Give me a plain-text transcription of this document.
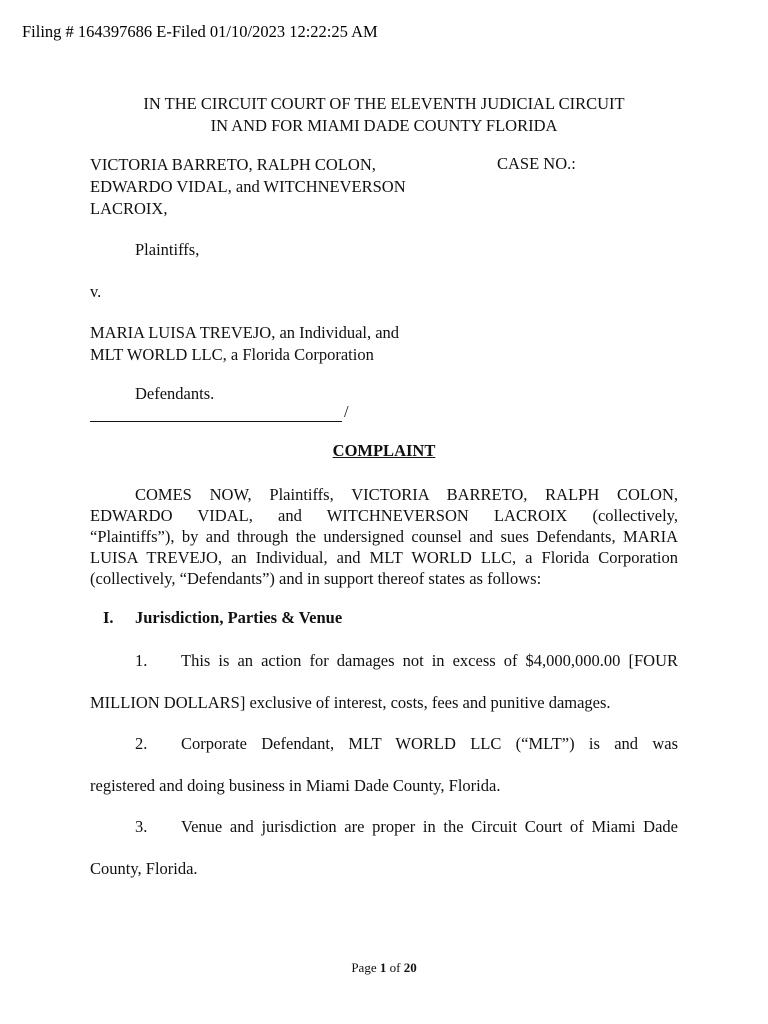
Filing # 164397686 E-Filed 01/10/2023 12:22:25 AM
IN THE CIRCUIT COURT OF THE ELEVENTH JUDICIAL CIRCUIT
IN AND FOR MIAMI DADE COUNTY FLORIDA
VICTORIA BARRETO, RALPH COLON,
EDWARDO VIDAL, and WITCHNEVERSON
LACROIX,
CASE NO.:
Plaintiffs,
v.
MARIA LUISA TREVEJO, an Individual, and
MLT WORLD LLC, a Florida Corporation
Defendants.
/
COMPLAINT
COMES NOW, Plaintiffs, VICTORIA BARRETO, RALPH COLON,
EDWARDO VIDAL, and WITCHNEVERSON LACROIX (collectively,
“Plaintiffs”), by and through the undersigned counsel and sues Defendants, MARIA
LUISA TREVEJO, an Individual, and MLT WORLD LLC, a Florida Corporation
(collectively, “Defendants”) and in support thereof states as follows:
I. Jurisdiction, Parties & Venue
1. This is an action for damages not in excess of $4,000,000.00 [FOUR
MILLION DOLLARS] exclusive of interest, costs, fees and punitive damages.
2. Corporate Defendant, MLT WORLD LLC (“MLT”) is and was
registered and doing business in Miami Dade County, Florida.
3. Venue and jurisdiction are proper in the Circuit Court of Miami Dade
County, Florida.
Page 1 of 20
